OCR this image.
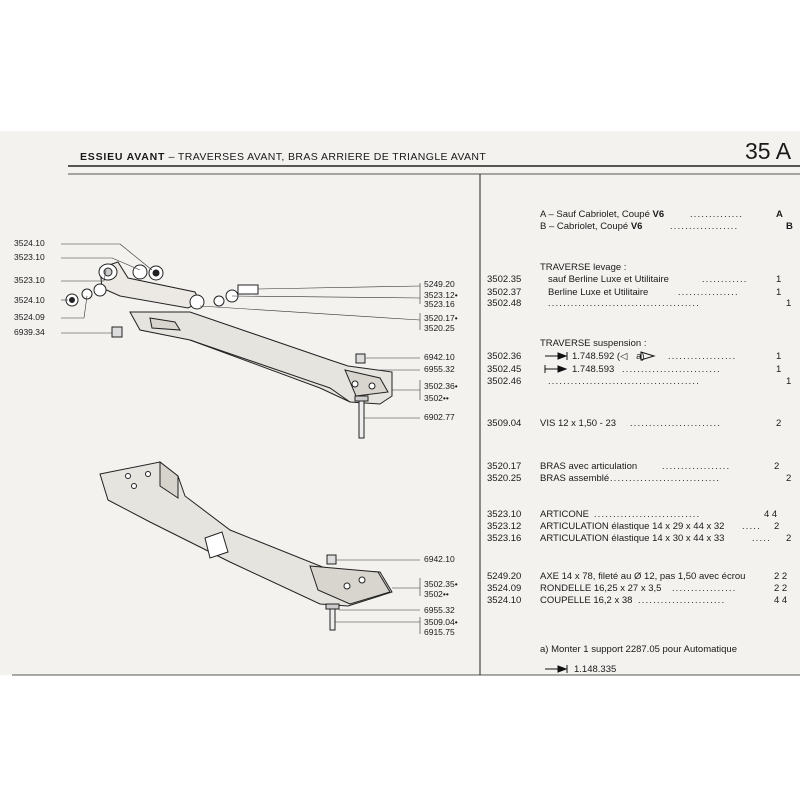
ESSIEU AVANT – TRAVERSES AVANT, BRAS ARRIERE DE TRIANGLE AVANT	35 A
3524.10
3523.10
3523.10
3524.10
3524.09
6939.34
5249.20
3523.12•
3523.16
3520.17•
3520.25
6942.10
6955.32
3502.36•
3502••
6902.77
6942.10
3502.35•
3502••
6955.32
3509.04•
6915.75
A – Sauf Cabriolet, Coupé V6	..............	A
B – Cabriolet, Coupé V6	..................	B
TRAVERSE levage :
3502.35	sauf Berline Luxe et Utilitaire	............	1
3502.37	Berline Luxe et Utilitaire	................	1
3502.48	........................................	1
TRAVERSE suspension :
3502.36	1.748.592 (◁ a)	..................	1
3502.45	1.748.593 ..........................	1
3502.46	........................................	1
3509.04 VIS 12 x 1,50 - 23 ........................	2
3520.17 BRAS avec articulation	..................	2
3520.25 BRAS assemblé .............................	2
3523.10 ARTICONE ............................	4 4
3523.12 ARTICULATION élastique 14 x 29 x 44 x 32 .....	2
3523.16 ARTICULATION élastique 14 x 30 x 44 x 33	.....	2
5249.20 AXE 14 x 78, fileté au Ø 12, pas 1,50 avec écrou	2 2
3524.09 RONDELLE 16,25 x 27 x 3,5 .................	2 2
3524.10 COUPELLE 16,2 x 38 .......................	4 4
a) Monter 1 support 2287.05 pour Automatique
1.148.335
